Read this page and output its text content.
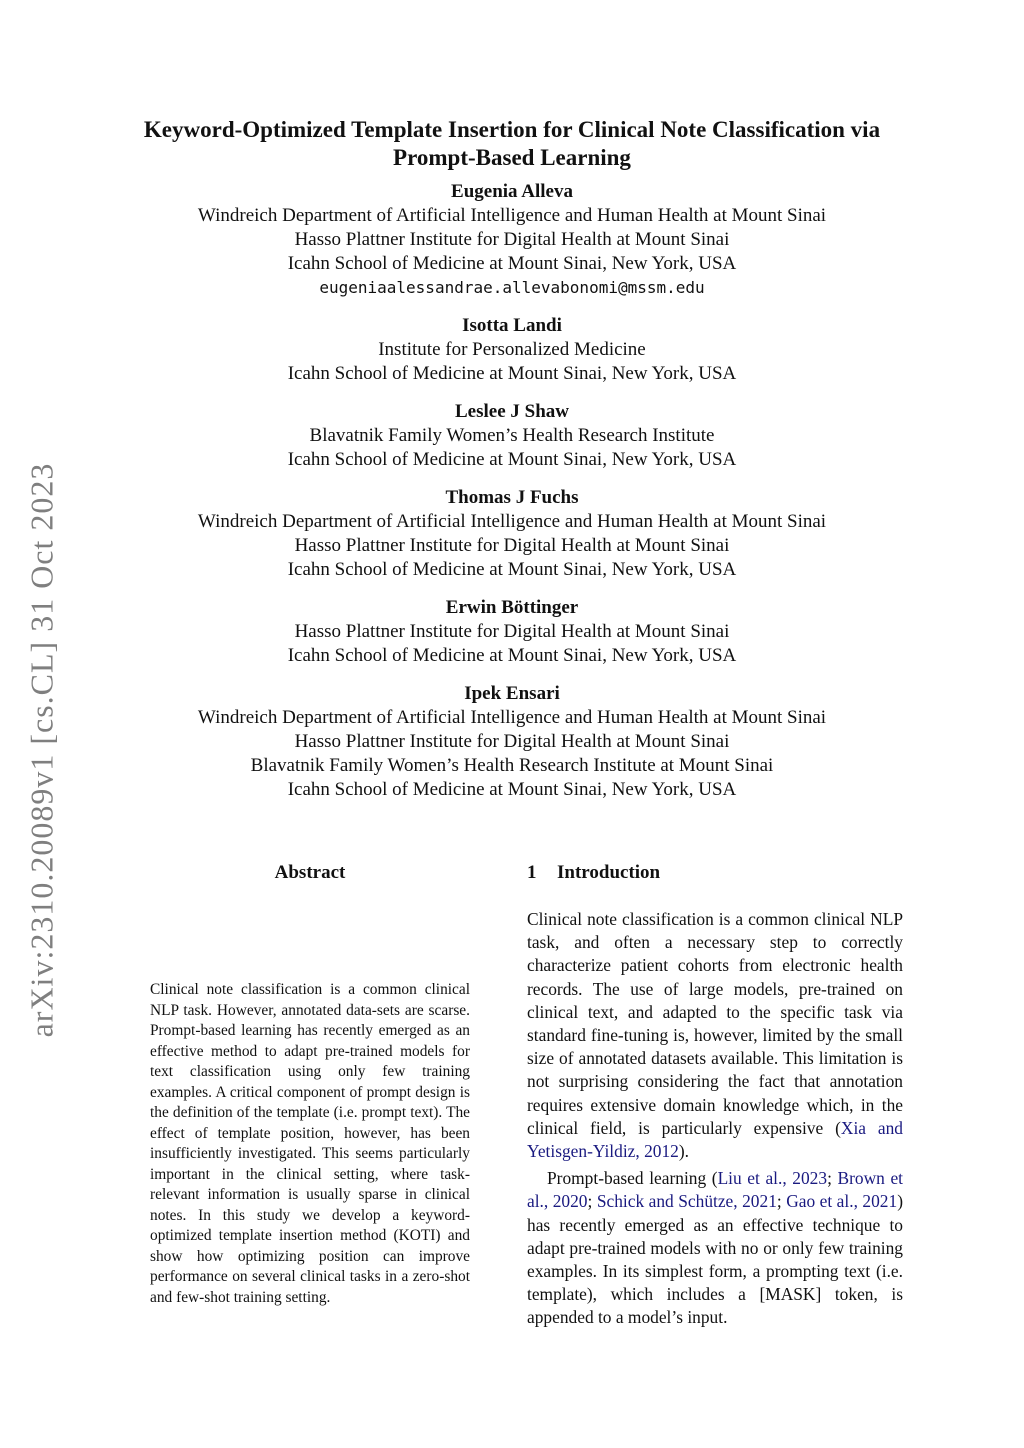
arXiv:2310.20089v1 [cs.CL] 31 Oct 2023
Keyword-Optimized Template Insertion for Clinical Note Classification via
Prompt-Based Learning
Eugenia Alleva
Windreich Department of Artificial Intelligence and Human Health at Mount Sinai
Hasso Plattner Institute for Digital Health at Mount Sinai
Icahn School of Medicine at Mount Sinai, New York, USA
eugeniaalessandrae.allevabonomi@mssm.edu
Isotta Landi
Institute for Personalized Medicine
Icahn School of Medicine at Mount Sinai, New York, USA
Leslee J Shaw
Blavatnik Family Women’s Health Research Institute
Icahn School of Medicine at Mount Sinai, New York, USA
Thomas J Fuchs
Windreich Department of Artificial Intelligence and Human Health at Mount Sinai
Hasso Plattner Institute for Digital Health at Mount Sinai
Icahn School of Medicine at Mount Sinai, New York, USA
Erwin Böttinger
Hasso Plattner Institute for Digital Health at Mount Sinai
Icahn School of Medicine at Mount Sinai, New York, USA
Ipek Ensari
Windreich Department of Artificial Intelligence and Human Health at Mount Sinai
Hasso Plattner Institute for Digital Health at Mount Sinai
Blavatnik Family Women’s Health Research Institute at Mount Sinai
Icahn School of Medicine at Mount Sinai, New York, USA
Abstract

Clinical note classification is a common clinical NLP task. However, annotated data-sets are scarse. Prompt-based learning has recently emerged as an effective method to adapt pre-trained models for text classification using only few training examples. A critical component of prompt design is the definition of the template (i.e. prompt text). The effect of template position, however, has been insufficiently investigated. This seems particularly important in the clinical setting, where task-relevant information is usually sparse in clinical notes. In this study we develop a keyword-optimized template insertion method (KOTI) and show how optimizing position can improve performance on several clinical tasks in a zero-shot and few-shot training setting.

1 Introduction

Clinical note classification is a common clinical NLP task, and often a necessary step to correctly characterize patient cohorts from electronic health records. The use of large models, pre-trained on clinical text, and adapted to the specific task via standard fine-tuning is, however, limited by the small size of annotated datasets available. This limitation is not surprising considering the fact that annotation requires extensive domain knowledge which, in the clinical field, is particularly expensive (Xia and Yetisgen-Yildiz, 2012).

Prompt-based learning (Liu et al., 2023; Brown et al., 2020; Schick and Schütze, 2021; Gao et al., 2021) has recently emerged as an effective technique to adapt pre-trained models with no or only few training examples. In its simplest form, a prompting text (i.e. template), which includes a [MASK] token, is appended to a model’s input.
